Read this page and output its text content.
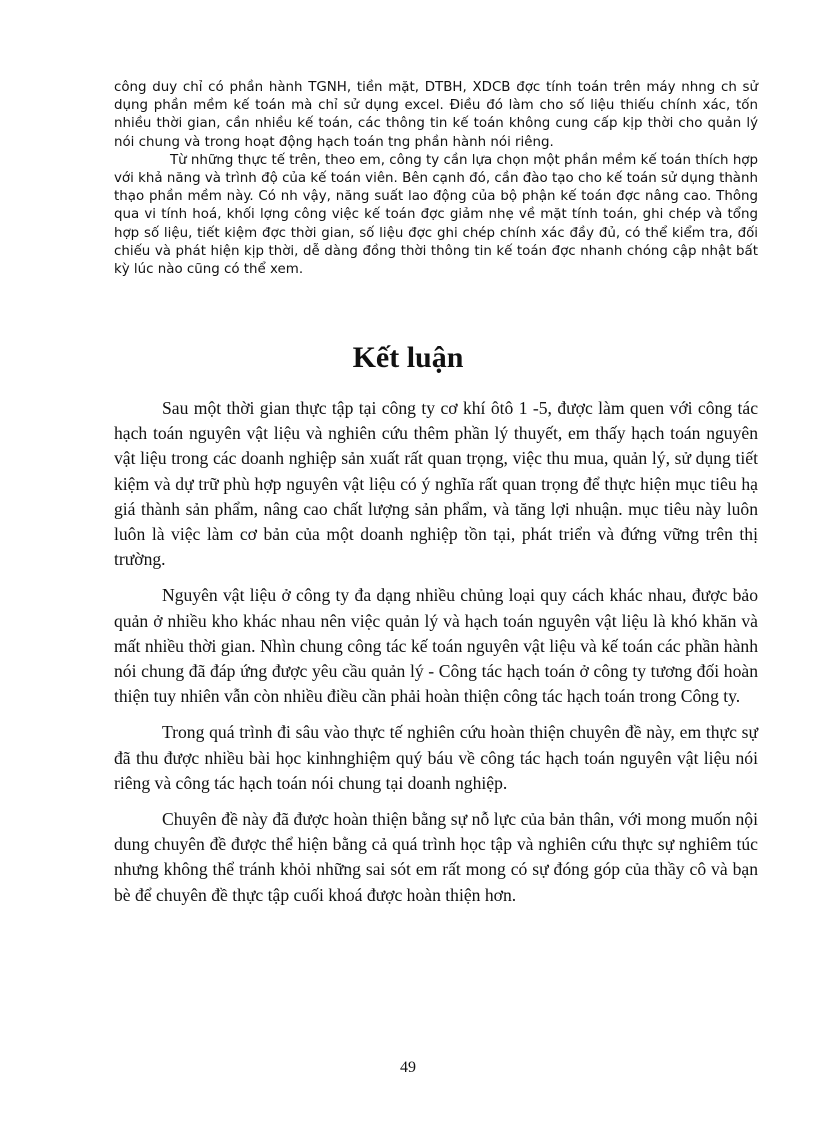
công duy chỉ có phần hành TGNH, tiền mặt, DTBH, XDCB đợc tính toán trên máy nhng ch sử dụng phần mềm kế toán mà chỉ sử dụng excel. Điều đó làm cho số liệu thiếu chính xác, tốn nhiều thời gian, cần nhiều kế toán, các thông tin kế toán không cung cấp kịp thời cho quản lý nói chung và trong hoạt động hạch toán tng phần hành nói riêng.

Từ những thực tế trên, theo em, công ty cần lựa chọn một phần mềm kế toán thích hợp với khả năng và trình độ của kế toán viên. Bên cạnh đó, cần đào tạo cho kế toán sử dụng thành thạo phần mềm này. Có nh vậy, năng suất lao động của bộ phận kế toán đợc nâng cao. Thông qua vi tính hoá, khối lợng công việc kế toán đợc giảm nhẹ về mặt tính toán, ghi chép và tổng hợp số liệu, tiết kiệm đợc thời gian, số liệu đợc ghi chép chính xác đầy đủ, có thể kiểm tra, đối chiếu và phát hiện kịp thời, dễ dàng đồng thời thông tin kế toán đợc nhanh chóng cập nhật bất kỳ lúc nào cũng có thể xem.

Kết luận

Sau một thời gian thực tập tại công ty cơ khí ôtô 1 -5, được làm quen với công tác hạch toán nguyên vật liệu và nghiên cứu thêm phần lý thuyết, em thấy hạch toán nguyên vật liệu trong các doanh nghiệp sản xuất rất quan trọng, việc thu mua, quản lý, sử dụng tiết kiệm và dự trữ phù hợp nguyên vật liệu có ý nghĩa rất quan trọng để thực hiện mục tiêu hạ giá thành sản phẩm, nâng cao chất lượng sản phẩm, và tăng lợi nhuận. mục tiêu này luôn luôn là việc làm cơ bản của một doanh nghiệp tồn tại, phát triển và đứng vững trên thị trường.

Nguyên vật liệu ở công ty đa dạng nhiều chủng loại quy cách khác nhau, được bảo quản ở nhiều kho khác nhau nên việc quản lý và hạch toán nguyên vật liệu là khó khăn và mất nhiều thời gian. Nhìn chung công tác kế toán nguyên vật liệu và kế toán các phần hành nói chung đã đáp ứng được yêu cầu quản lý - Công tác hạch toán ở công ty tương đối hoàn thiện tuy nhiên vẫn còn nhiều điều cần phải hoàn thiện công tác hạch toán trong Công ty.

Trong quá trình đi sâu vào thực tế nghiên cứu hoàn thiện chuyên đề này, em thực sự đã thu được nhiều bài học kinhnghiệm quý báu về công tác hạch toán nguyên vật liệu nói riêng và công tác hạch toán nói chung tại doanh nghiệp.

Chuyên đề này đã được hoàn thiện bằng sự nỗ lực của bản thân, với mong muốn nội dung chuyên đề được thể hiện bằng cả quá trình học tập và nghiên cứu thực sự nghiêm túc nhưng không thể tránh khỏi những sai sót em rất mong có sự đóng góp của thầy cô và bạn bè để chuyên đề thực tập cuối khoá được hoàn thiện hơn.

49
